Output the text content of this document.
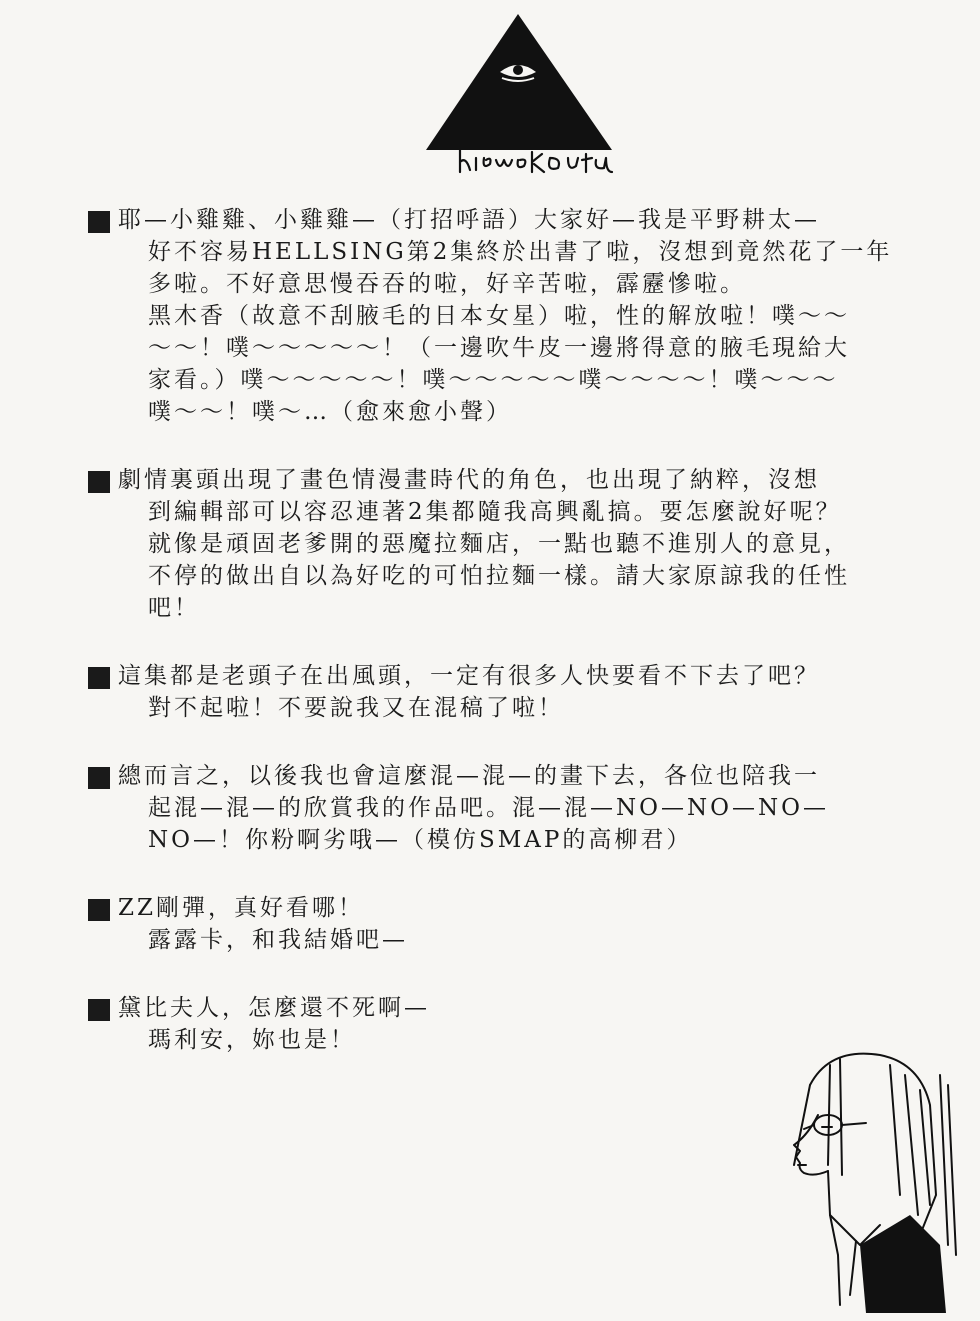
耶—小雞雞、小雞雞—（打招呼語）大家好—我是平野耕太—
好不容易HELLSING第2集終於出書了啦，沒想到竟然花了一年
多啦。不好意思慢吞吞的啦，好辛苦啦，霹靂慘啦。
黑木香（故意不刮腋毛的日本女星）啦，性的解放啦！噗～～
～～！噗～～～～～！（一邊吹牛皮一邊將得意的腋毛現給大
家看。）噗～～～～～！噗～～～～～噗～～～～！噗～～～
噗～～！噗～…（愈來愈小聲）
劇情裏頭出現了畫色情漫畫時代的角色，也出現了納粹，沒想
到編輯部可以容忍連著2集都隨我高興亂搞。要怎麼說好呢？
就像是頑固老爹開的惡魔拉麵店，一點也聽不進別人的意見，
不停的做出自以為好吃的可怕拉麵一樣。請大家原諒我的任性
吧！
這集都是老頭子在出風頭，一定有很多人快要看不下去了吧？
對不起啦！不要說我又在混稿了啦！
總而言之，以後我也會這麼混—混—的畫下去，各位也陪我一
起混—混—的欣賞我的作品吧。混—混—NO—NO—NO—
NO—！你粉啊劣哦—（模仿SMAP的高柳君）
ZZ剛彈，真好看哪！
露露卡，和我結婚吧—
黛比夫人，怎麼還不死啊—
瑪利安，妳也是！
